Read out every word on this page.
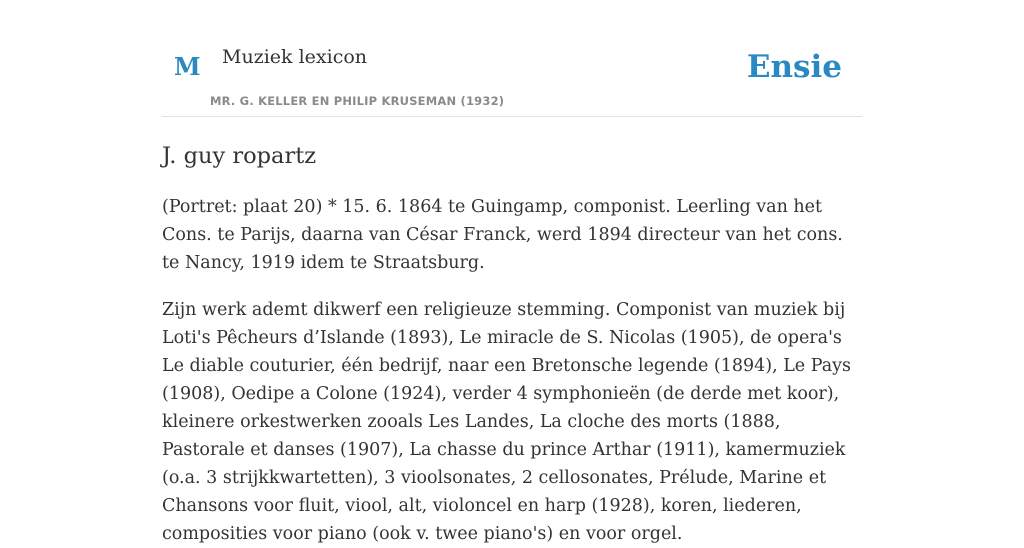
M Muziek lexicon
MR. G. KELLER EN PHILIP KRUSEMAN (1932)
Ensie
J. guy ropartz

(Portret: plaat 20) * 15. 6. 1864 te Guingamp, componist. Leerling van het Cons. te Parijs, daarna van César Franck, werd 1894 directeur van het cons. te Nancy, 1919 idem te Straatsburg.

Zijn werk ademt dikwerf een religieuze stemming. Componist van muziek bij Loti's Pêcheurs d’Islande (1893), Le miracle de S. Nicolas (1905), de opera's Le diable couturier, één bedrijf, naar een Bretonsche legende (1894), Le Pays (1908), Oedipe a Colone (1924), verder 4 symphonieën (de derde met koor), kleinere orkestwerken zooals Les Landes, La cloche des morts (1888, Pastorale et danses (1907), La chasse du prince Arthar (1911), kamermuziek (o.a. 3 strijkkwartetten), 3 vioolsonates, 2 cellosonates, Prélude, Marine et Chansons voor fluit, viool, alt, violoncel en harp (1928), koren, liederen, composities voor piano (ook v. twee piano's) en voor orgel.
